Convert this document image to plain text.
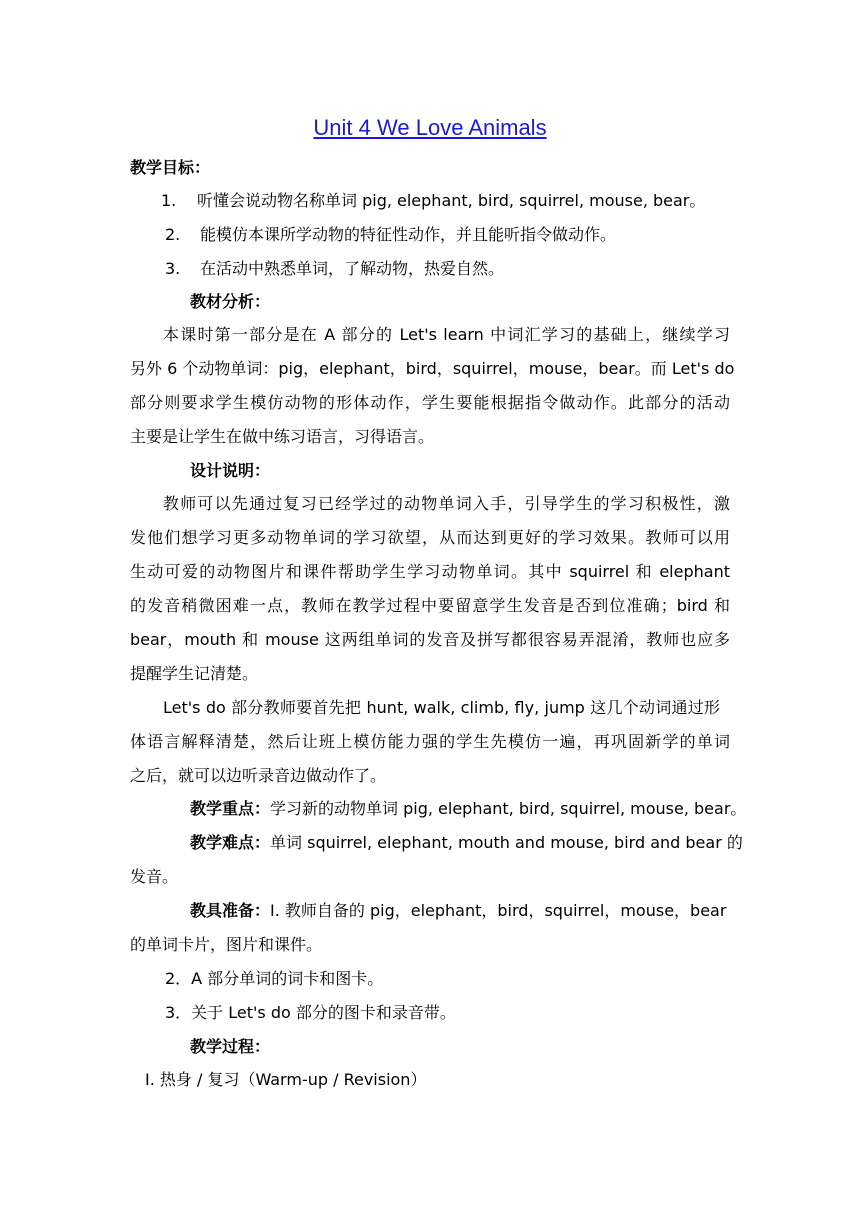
Unit 4 We Love Animals
教学目标：
1. 听懂会说动物名称单词 pig, elephant, bird, squirrel, mouse, bear。
2. 能模仿本课所学动物的特征性动作，并且能听指令做动作。
3. 在活动中熟悉单词，了解动物，热爱自然。
教材分析：
本课时第一部分是在 A 部分的 Let's learn 中词汇学习的基础上，继续学习
另外 6 个动物单词：pig，elephant，bird，squirrel，mouse，bear。而 Let's do
部分则要求学生模仿动物的形体动作，学生要能根据指令做动作。此部分的活动
主要是让学生在做中练习语言，习得语言。
设计说明：
教师可以先通过复习已经学过的动物单词入手，引导学生的学习积极性，激
发他们想学习更多动物单词的学习欲望，从而达到更好的学习效果。教师可以用
生动可爱的动物图片和课件帮助学生学习动物单词。其中 squirrel 和 elephant
的发音稍微困难一点，教师在教学过程中要留意学生发音是否到位准确；bird 和
bear，mouth 和 mouse 这两组单词的发音及拼写都很容易弄混淆，教师也应多
提醒学生记清楚。
Let's do 部分教师要首先把 hunt, walk, climb, fly, jump 这几个动词通过形
体语言解释清楚，然后让班上模仿能力强的学生先模仿一遍，再巩固新学的单词
之后，就可以边听录音边做动作了。
教学重点：学习新的动物单词 pig, elephant, bird, squirrel, mouse, bear。
教学难点：单词 squirrel, elephant, mouth and mouse, bird and bear 的
发音。
教具准备：I. 教师自备的 pig，elephant，bird，squirrel，mouse，bear
的单词卡片，图片和课件。
2．A 部分单词的词卡和图卡。
3．关于 Let's do 部分的图卡和录音带。
教学过程：
I. 热身 / 复习（Warm-up / Revision）
